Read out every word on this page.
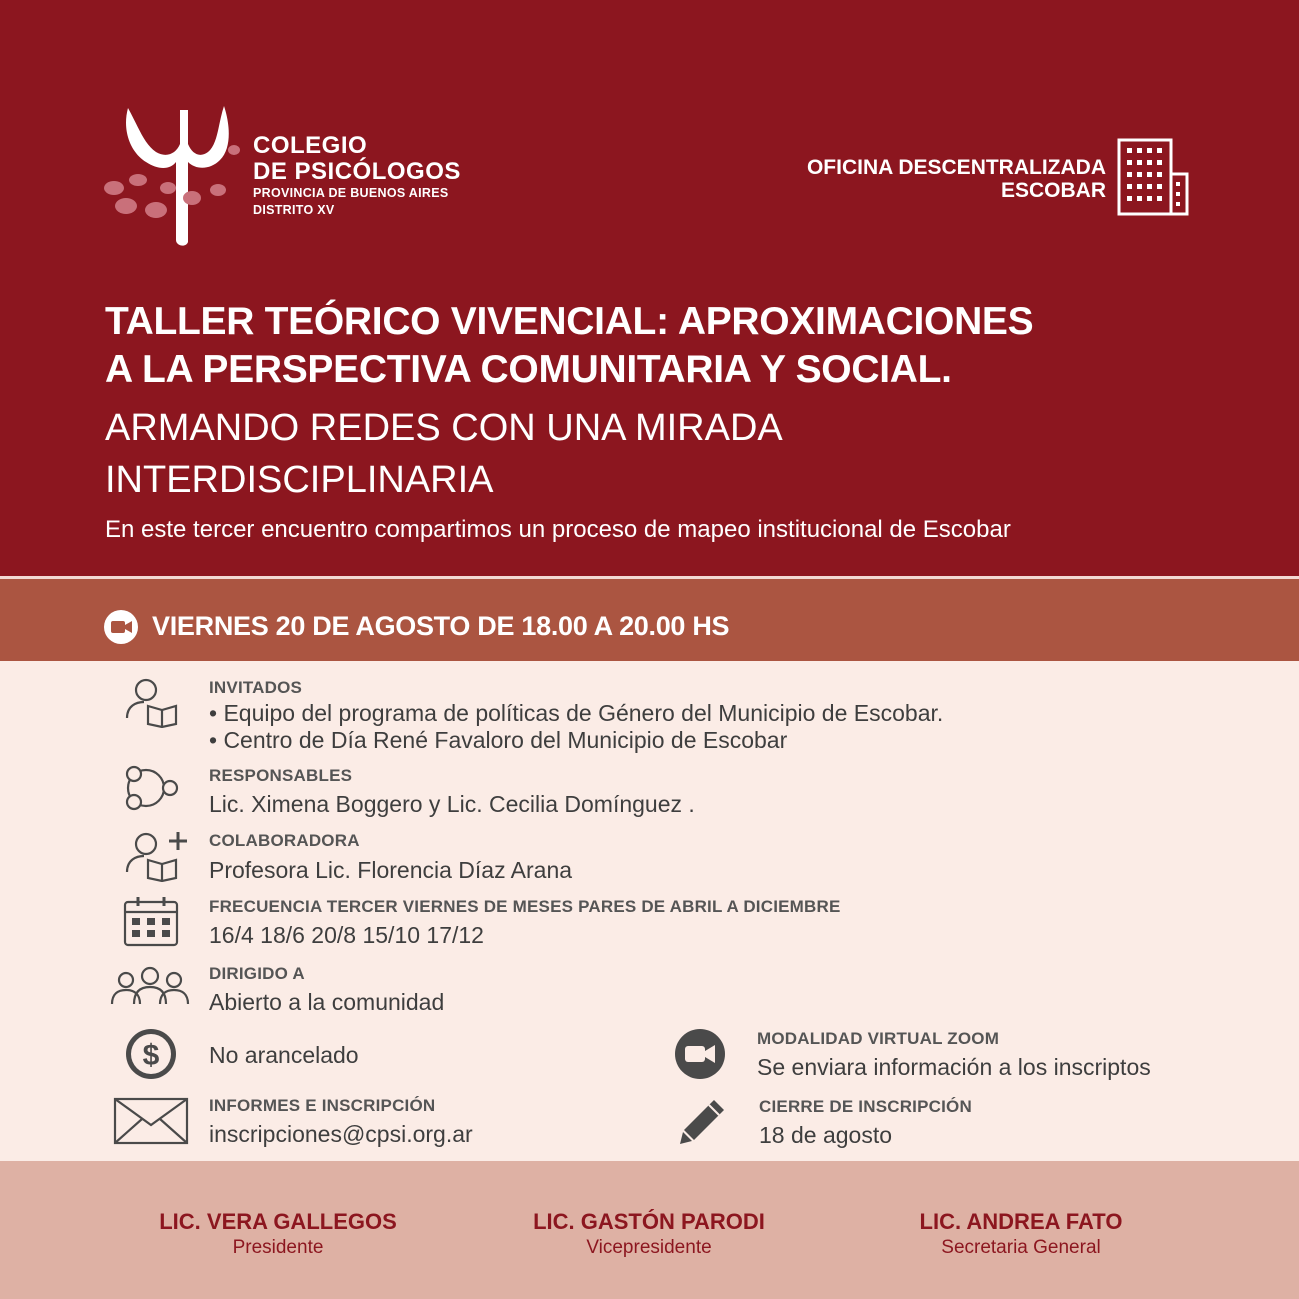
COLEGIO
DE PSICÓLOGOS
PROVINCIA DE BUENOS AIRES
DISTRITO XV
OFICINA DESCENTRALIZADA
ESCOBAR
TALLER TEÓRICO VIVENCIAL: APROXIMACIONES
A LA PERSPECTIVA COMUNITARIA Y SOCIAL.
ARMANDO REDES CON UNA MIRADA
INTERDISCIPLINARIA
En este tercer encuentro compartimos un proceso de mapeo institucional de Escobar
VIERNES 20 DE AGOSTO DE 18.00 A 20.00 HS
INVITADOS
• Equipo del programa de políticas de Género del Municipio de Escobar.
• Centro de Día René Favaloro del Municipio de Escobar
RESPONSABLES
Lic. Ximena Boggero y Lic. Cecilia Domínguez .
COLABORADORA
Profesora Lic. Florencia Díaz Arana
FRECUENCIA TERCER VIERNES DE MESES PARES DE ABRIL A DICIEMBRE
16/4 18/6 20/8 15/10 17/12
DIRIGIDO A
Abierto a la comunidad
$ No arancelado
INFORMES E INSCRIPCIÓN
inscripciones@cpsi.org.ar
MODALIDAD VIRTUAL ZOOM
Se enviara información a los inscriptos
CIERRE DE INSCRIPCIÓN
18 de agosto
LIC. VERA GALLEGOS
Presidente
LIC. GASTÓN PARODI
Vicepresidente
LIC. ANDREA FATO
Secretaria General
